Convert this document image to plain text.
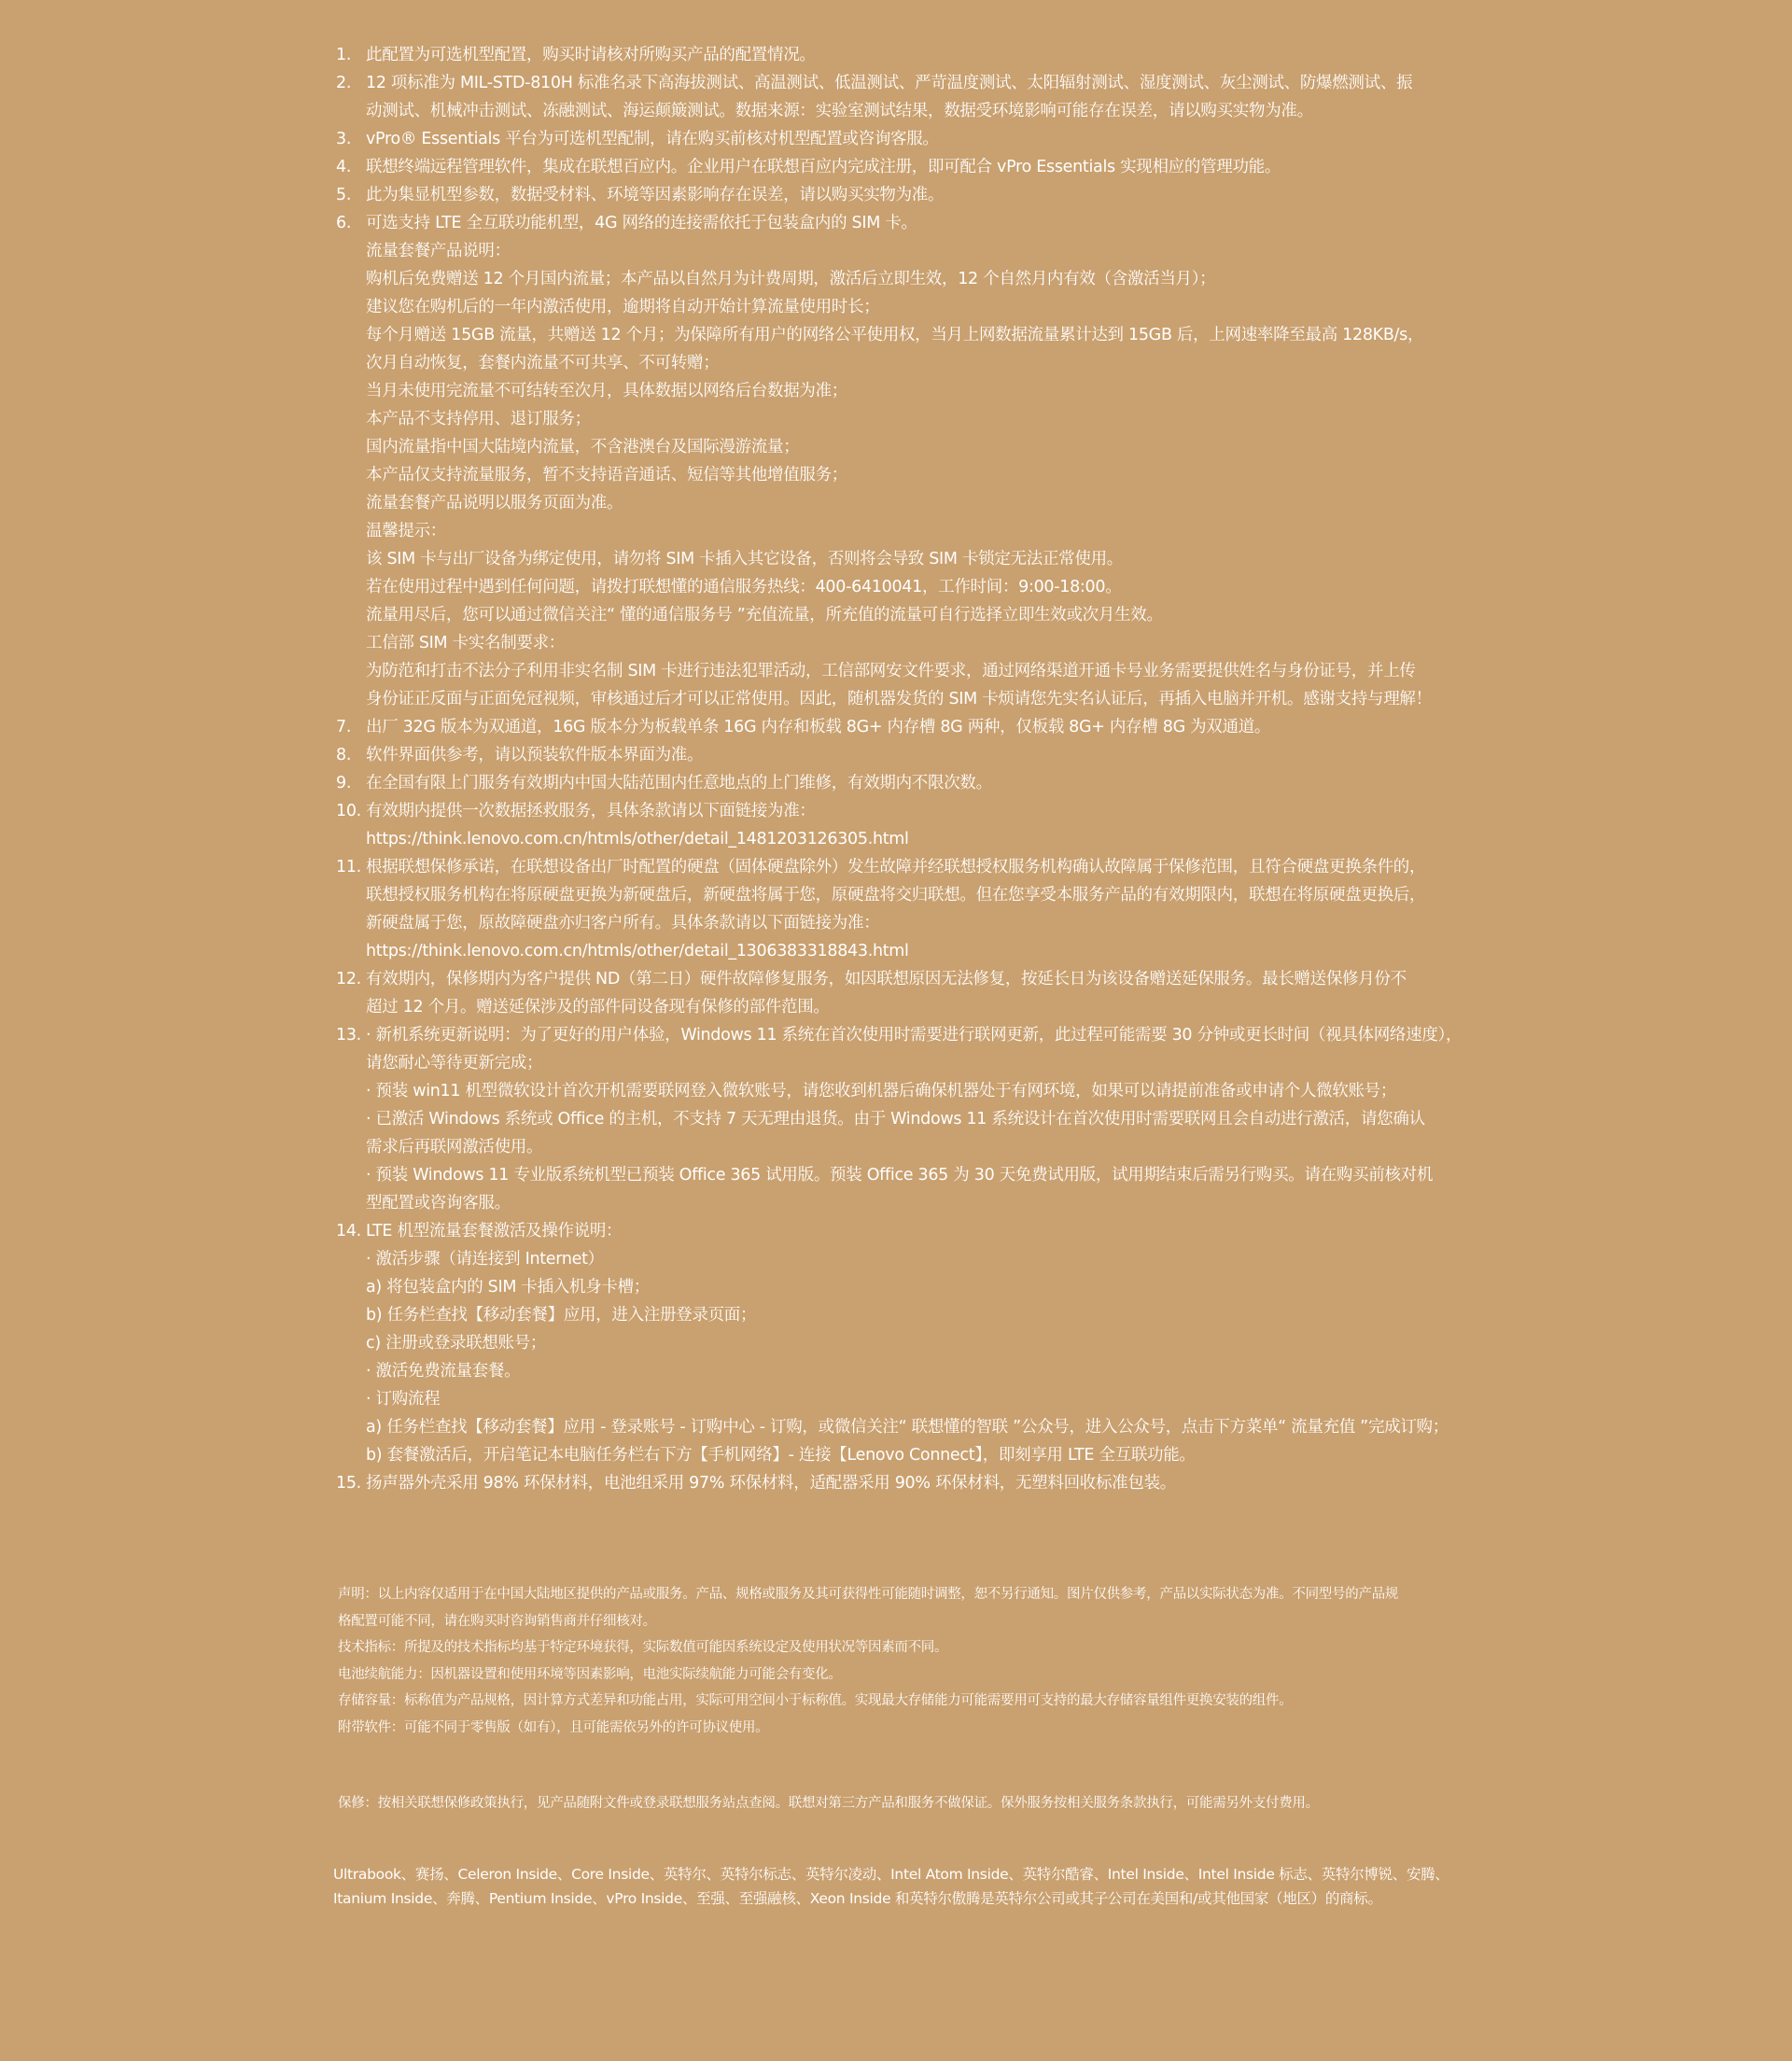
1. 此配置为可选机型配置，购买时请核对所购买产品的配置情况。
2. 12 项标准为 MIL-STD-810H 标准名录下高海拔测试、高温测试、低温测试、严苛温度测试、太阳辐射测试、湿度测试、灰尘测试、防爆燃测试、振
动测试、机械冲击测试、冻融测试、海运颠簸测试。数据来源：实验室测试结果，数据受环境影响可能存在误差，请以购买实物为准。
3. vPro® Essentials 平台为可选机型配制，请在购买前核对机型配置或咨询客服。
4. 联想终端远程管理软件，集成在联想百应内。企业用户在联想百应内完成注册，即可配合 vPro Essentials 实现相应的管理功能。
5. 此为集显机型参数，数据受材料、环境等因素影响存在误差，请以购买实物为准。
6. 可选支持 LTE 全互联功能机型，4G 网络的连接需依托于包装盒内的 SIM 卡。
流量套餐产品说明：
购机后免费赠送 12 个月国内流量；本产品以自然月为计费周期，激活后立即生效，12 个自然月内有效（含激活当月）；
建议您在购机后的一年内激活使用，逾期将自动开始计算流量使用时长；
每个月赠送 15GB 流量，共赠送 12 个月；为保障所有用户的网络公平使用权，当月上网数据流量累计达到 15GB 后，上网速率降至最高 128KB/s，
次月自动恢复，套餐内流量不可共享、不可转赠；
当月未使用完流量不可结转至次月，具体数据以网络后台数据为准；
本产品不支持停用、退订服务；
国内流量指中国大陆境内流量，不含港澳台及国际漫游流量；
本产品仅支持流量服务，暂不支持语音通话、短信等其他增值服务；
流量套餐产品说明以服务页面为准。
温馨提示：
该 SIM 卡与出厂设备为绑定使用，请勿将 SIM 卡插入其它设备，否则将会导致 SIM 卡锁定无法正常使用。
若在使用过程中遇到任何问题，请拨打联想懂的通信服务热线：400-6410041，工作时间：9:00-18:00。
流量用尽后，您可以通过微信关注“ 懂的通信服务号 ”充值流量，所充值的流量可自行选择立即生效或次月生效。
工信部 SIM 卡实名制要求：
为防范和打击不法分子利用非实名制 SIM 卡进行违法犯罪活动，工信部网安文件要求，通过网络渠道开通卡号业务需要提供姓名与身份证号，并上传
身份证正反面与正面免冠视频，审核通过后才可以正常使用。因此，随机器发货的 SIM 卡烦请您先实名认证后，再插入电脑并开机。感谢支持与理解！
7. 出厂 32G 版本为双通道，16G 版本分为板载单条 16G 内存和板载 8G+ 内存槽 8G 两种，仅板载 8G+ 内存槽 8G 为双通道。
8. 软件界面供参考，请以预装软件版本界面为准。
9. 在全国有限上门服务有效期内中国大陆范围内任意地点的上门维修，有效期内不限次数。
10. 有效期内提供一次数据拯救服务，具体条款请以下面链接为准：
https://think.lenovo.com.cn/htmls/other/detail_1481203126305.html
11. 根据联想保修承诺，在联想设备出厂时配置的硬盘（固体硬盘除外）发生故障并经联想授权服务机构确认故障属于保修范围，且符合硬盘更换条件的，
联想授权服务机构在将原硬盘更换为新硬盘后，新硬盘将属于您，原硬盘将交归联想。但在您享受本服务产品的有效期限内，联想在将原硬盘更换后，
新硬盘属于您，原故障硬盘亦归客户所有。具体条款请以下面链接为准：
https://think.lenovo.com.cn/htmls/other/detail_1306383318843.html
12. 有效期内，保修期内为客户提供 ND（第二日）硬件故障修复服务，如因联想原因无法修复，按延长日为该设备赠送延保服务。最长赠送保修月份不
超过 12 个月。赠送延保涉及的部件同设备现有保修的部件范围。
13. · 新机系统更新说明：为了更好的用户体验，Windows 11 系统在首次使用时需要进行联网更新，此过程可能需要 30 分钟或更长时间（视具体网络速度），
请您耐心等待更新完成；
· 预装 win11 机型微软设计首次开机需要联网登入微软账号，请您收到机器后确保机器处于有网环境，如果可以请提前准备或申请个人微软账号；
· 已激活 Windows 系统或 Office 的主机，不支持 7 天无理由退货。由于 Windows 11 系统设计在首次使用时需要联网且会自动进行激活，请您确认
需求后再联网激活使用。
· 预装 Windows 11 专业版系统机型已预装 Office 365 试用版。预装 Office 365 为 30 天免费试用版，试用期结束后需另行购买。请在购买前核对机
型配置或咨询客服。
14. LTE 机型流量套餐激活及操作说明：
· 激活步骤（请连接到 Internet）
a) 将包装盒内的 SIM 卡插入机身卡槽；
b) 任务栏查找【移动套餐】应用，进入注册登录页面；
c) 注册或登录联想账号；
· 激活免费流量套餐。
· 订购流程
a) 任务栏查找【移动套餐】应用 - 登录账号 - 订购中心 - 订购，或微信关注“ 联想懂的智联 ”公众号，进入公众号，点击下方菜单“ 流量充值 ”完成订购；
b) 套餐激活后，开启笔记本电脑任务栏右下方【手机网络】- 连接【Lenovo Connect】，即刻享用 LTE 全互联功能。
15. 扬声器外壳采用 98% 环保材料，电池组采用 97% 环保材料，适配器采用 90% 环保材料，无塑料回收标准包装。
声明：以上内容仅适用于在中国大陆地区提供的产品或服务。产品、规格或服务及其可获得性可能随时调整，恕不另行通知。图片仅供参考，产品以实际状态为准。不同型号的产品规
格配置可能不同，请在购买时咨询销售商并仔细核对。
技术指标：所提及的技术指标均基于特定环境获得，实际数值可能因系统设定及使用状况等因素而不同。
电池续航能力：因机器设置和使用环境等因素影响，电池实际续航能力可能会有变化。
存储容量：标称值为产品规格，因计算方式差异和功能占用，实际可用空间小于标称值。实现最大存储能力可能需要用可支持的最大存储容量组件更换安装的组件。
附带软件：可能不同于零售版（如有），且可能需依另外的许可协议使用。
保修：按相关联想保修政策执行，见产品随附文件或登录联想服务站点查阅。联想对第三方产品和服务不做保证。保外服务按相关服务条款执行，可能需另外支付费用。
Ultrabook、赛扬、Celeron Inside、Core Inside、英特尔、英特尔标志、英特尔凌动、Intel Atom Inside、英特尔酷睿、Intel Inside、Intel Inside 标志、英特尔博锐、安腾、
Itanium Inside、奔腾、Pentium Inside、vPro Inside、至强、至强融核、Xeon Inside 和英特尔傲腾是英特尔公司或其子公司在美国和/或其他国家（地区）的商标。
